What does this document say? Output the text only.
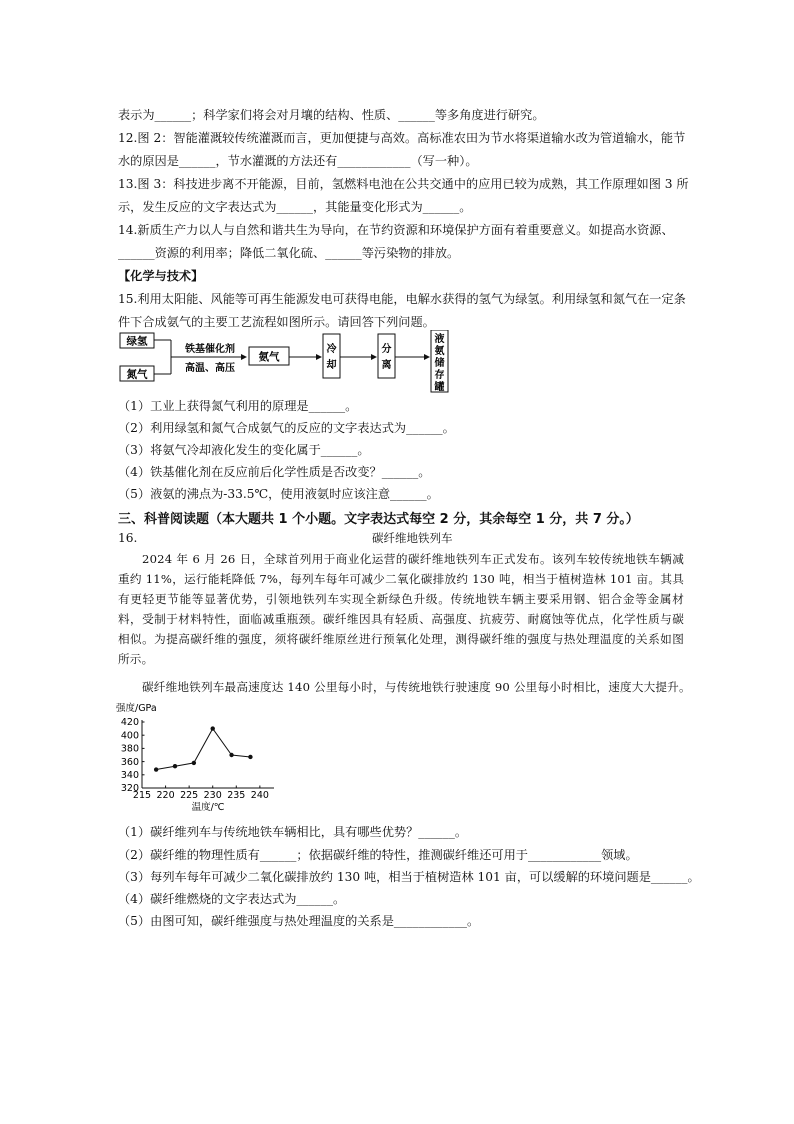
表示为______；科学家们将会对月壤的结构、性质、______等多角度进行研究。
12.图 2：智能灌溉较传统灌溉而言，更加便捷与高效。高标准农田为节水将渠道输水改为管道输水，能节
水的原因是______，节水灌溉的方法还有____________（写一种）。
13.图 3：科技进步离不开能源，目前，氢燃料电池在公共交通中的应用已较为成熟，其工作原理如图 3 所
示，发生反应的文字表达式为______，其能量变化形式为______。
14.新质生产力以人与自然和谐共生为导向，在节约资源和环境保护方面有着重要意义。如提高水资源、
______资源的利用率；降低二氧化硫、______等污染物的排放。
【化学与技术】
15.利用太阳能、风能等可再生能源发电可获得电能，电解水获得的氢气为绿氢。利用绿氢和氮气在一定条
件下合成氨气的主要工艺流程如图所示。请回答下列问题。
绿氢
氮气
铁基催化剂
高温、高压
氨气
冷
却
分
离
液
氨
储
存
罐
（1）工业上获得氮气利用的原理是______。
（2）利用绿氢和氮气合成氨气的反应的文字表达式为______。
（3）将氨气冷却液化发生的变化属于______。
（4）铁基催化剂在反应前后化学性质是否改变？______。
（5）液氨的沸点为-33.5℃，使用液氨时应该注意______。
三、科普阅读题（本大题共 1 个小题。文字表达式每空 2 分，其余每空 1 分，共 7 分。）
16.	碳纤维地铁列车
2024 年 6 月 26 日，全球首列用于商业化运营的碳纤维地铁列车正式发布。该列车较传统地铁车辆减重约 11%，运行能耗降低 7%，每列车每年可减少二氧化碳排放约 130 吨，相当于植树造林 101 亩。其具有更轻更节能等显著优势，引领地铁列车实现全新绿色升级。传统地铁车辆主要采用钢、铝合金等金属材料，受制于材料特性，面临减重瓶颈。碳纤维因具有轻质、高强度、抗疲劳、耐腐蚀等优点，化学性质与碳相似。为提高碳纤维的强度，须将碳纤维原丝进行预氧化处理，测得碳纤维的强度与热处理温度的关系如图所示。
碳纤维地铁列车最高速度达 140 公里每小时，与传统地铁行驶速度 90 公里每小时相比，速度大大提升。
强度/GPa
420
400
380
360
340
320
215 220 225 230 235 240
温度/℃
（1）碳纤维列车与传统地铁车辆相比，具有哪些优势？______。
（2）碳纤维的物理性质有______；依据碳纤维的特性，推测碳纤维还可用于____________领域。
（3）每列车每年可减少二氧化碳排放约 130 吨，相当于植树造林 101 亩，可以缓解的环境问题是______。
（4）碳纤维燃烧的文字表达式为______。
（5）由图可知，碳纤维强度与热处理温度的关系是____________。
